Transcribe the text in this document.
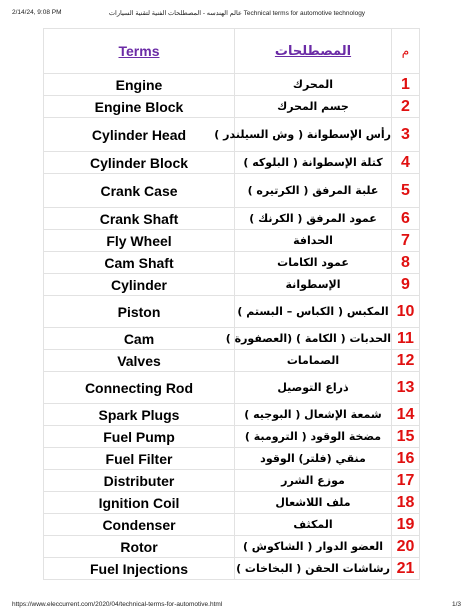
2/14/24, 9:08 PM	عالم الهندسه - المصطلحات الفنية لتقنية السيارات Technical terms for automotive technology
Terms	المصطلحات	م
Engine	المحرك	1
Engine Block	جسم المحرك	2
Cylinder Head	رأس الإسطوانة ( وش السيلندر )	3
Cylinder Block	كتلة الإسطوانة ( البلوكه )	4
Crank Case	علبة المرفق ( الكرتيره )	5
Crank Shaft	عمود المرفق ( الكرنك )	6
Fly Wheel	الحدافة	7
Cam Shaft	عمود الكامات	8
Cylinder	الإسطوانة	9
Piston	المكبس ( الكباس – البستم )	10
Cam	الحدبات ( الكامة ) (العصفورة )	11
Valves	الصمامات	12
Connecting Rod	ذراع التوصيل	13
Spark Plugs	شمعة الإشعال ( البوجيه )	14
Fuel Pump	مضخة الوقود ( الترومبة )	15
Fuel Filter	منقي (فلتر) الوقود	16
Distributer	موزع الشرر	17
Ignition Coil	ملف اللاشعال	18
Condenser	المكثف	19
Rotor	العضو الدوار ( الشاكوش )	20
Fuel Injections	رشاشات الحقن ( البخاخات )	21
https://www.eleccurrent.com/2020/04/technical-terms-for-automotive.html	1/3
